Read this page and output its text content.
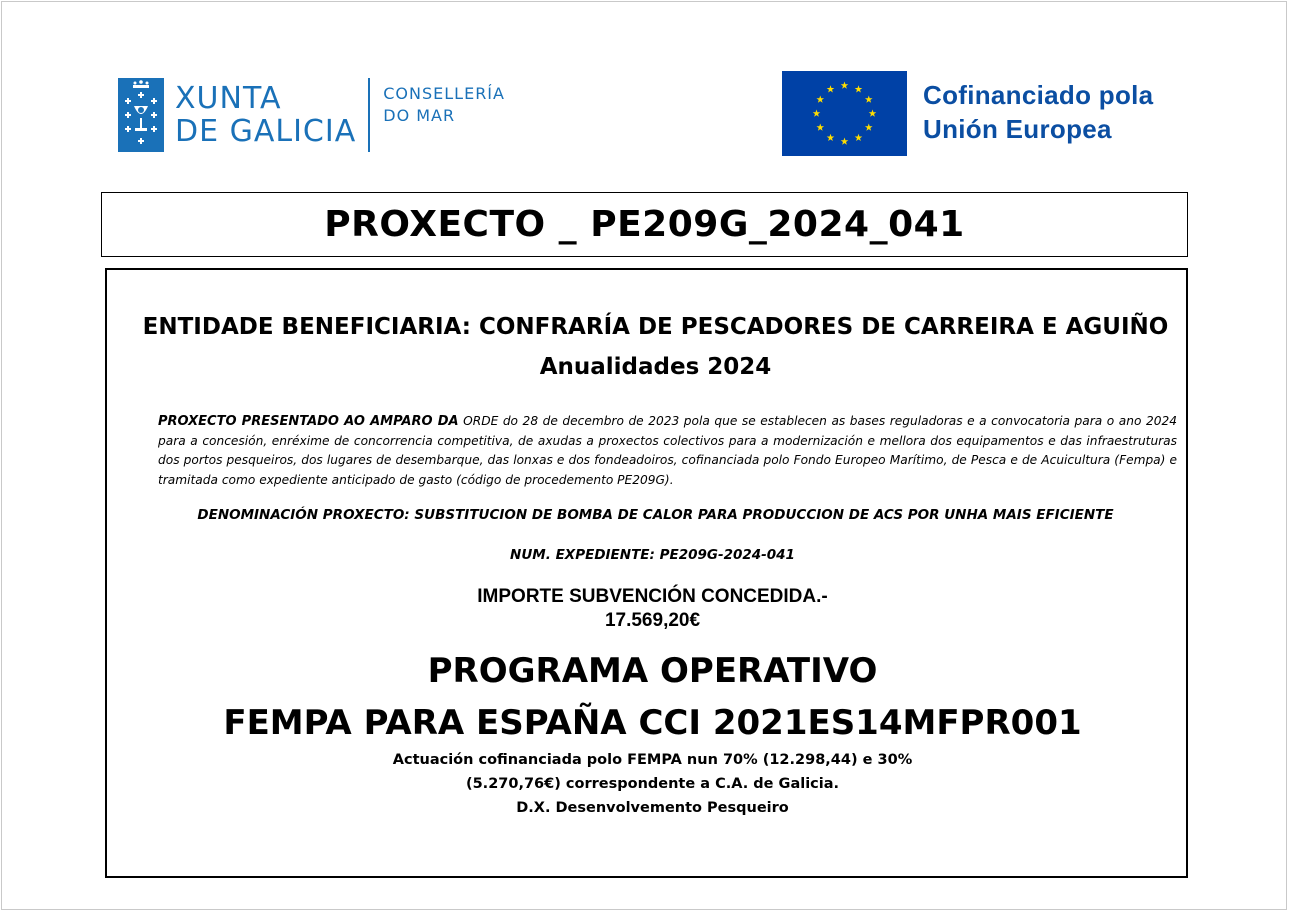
XUNTA
DE GALICIA
CONSELLERÍA
DO MAR
Cofinanciado pola
Unión Europea
PROXECTO _ PE209G_2024_041
ENTIDADE BENEFICIARIA: CONFRARÍA DE PESCADORES DE CARREIRA E AGUIÑO
Anualidades 2024
PROXECTO PRESENTADO AO AMPARO DA ORDE do 28 de decembro de 2023 pola que se establecen as bases reguladoras e a convocatoria para o ano 2024 para a concesión, enréxime de concorrencia competitiva, de axudas a proxectos colectivos para a modernización e mellora dos equipamentos e das infraestruturas dos portos pesqueiros, dos lugares de desembarque, das lonxas e dos fondeadoiros, cofinanciada polo Fondo Europeo Marítimo, de Pesca e de Acuicultura (Fempa) e tramitada como expediente anticipado de gasto (código de procedemento PE209G).
DENOMINACIÓN PROXECTO: SUBSTITUCION DE BOMBA DE CALOR PARA PRODUCCION DE ACS POR UNHA MAIS EFICIENTE
NUM. EXPEDIENTE: PE209G-2024-041
IMPORTE SUBVENCIÓN CONCEDIDA.-
17.569,20€
PROGRAMA OPERATIVO
FEMPA PARA ESPAÑA CCI 2021ES14MFPR001
Actuación cofinanciada polo FEMPA nun 70% (12.298,44) e 30%
(5.270,76€) correspondente a C.A. de Galicia.
D.X. Desenvolvemento Pesqueiro
